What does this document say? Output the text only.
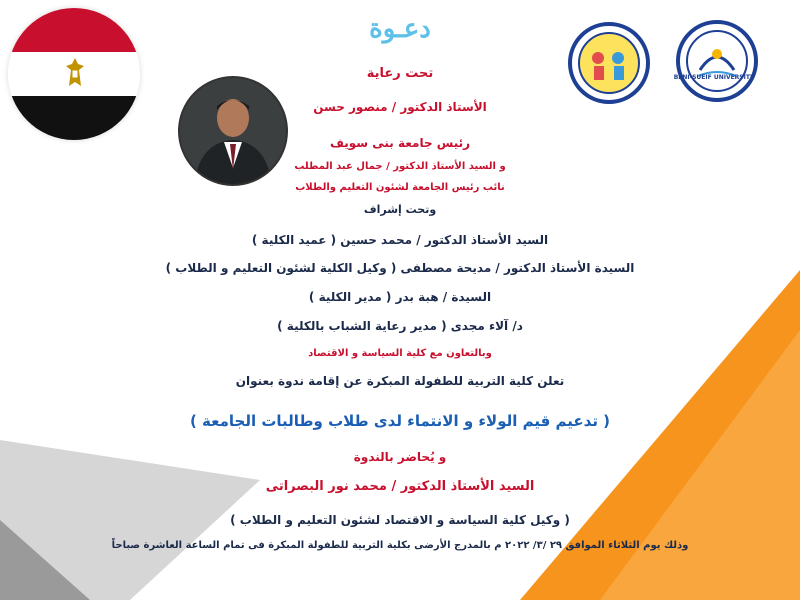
دعـوة
BENI-SUEIF UNIVERSITY
تحت رعاية
الأستاذ الدكتور / منصور حسن
رئيس جامعة بنى سويف
و السيد الأستاذ الدكتور / جمال عبد المطلب
نائب رئيس الجامعة لشئون التعليم والطلاب
وتحت إشراف
السيد الأستاذ الدكتور / محمد حسين ( عميد الكلية )
السيدة الأستاذ الدكتور / مديحة مصطفى ( وكيل الكلية لشئون التعليم و الطلاب )
السيدة / هبة بدر ( مدير الكلية )
د/ آلاء مجدى ( مدير رعاية الشباب بالكلية )
وبالتعاون مع كلية السياسة و الاقتصاد
تعلن كلية التربية للطفولة المبكرة عن إقامة ندوة بعنوان
( تدعيم قيم الولاء و الانتماء لدى طلاب وطالبات الجامعة )
و يُحاضر بالندوة
السيد الأستاذ الدكتور / محمد نور البصراتى
( وكيل كلية السياسة و الاقتصاد لشئون التعليم و الطلاب )
وذلك يوم الثلاثاء الموافق ٢٩ /٣/ ٢٠٢٢ م بالمدرج الأرضى بكلية التربية للطفولة المبكرة فى تمام الساعة العاشرة صباحاً
